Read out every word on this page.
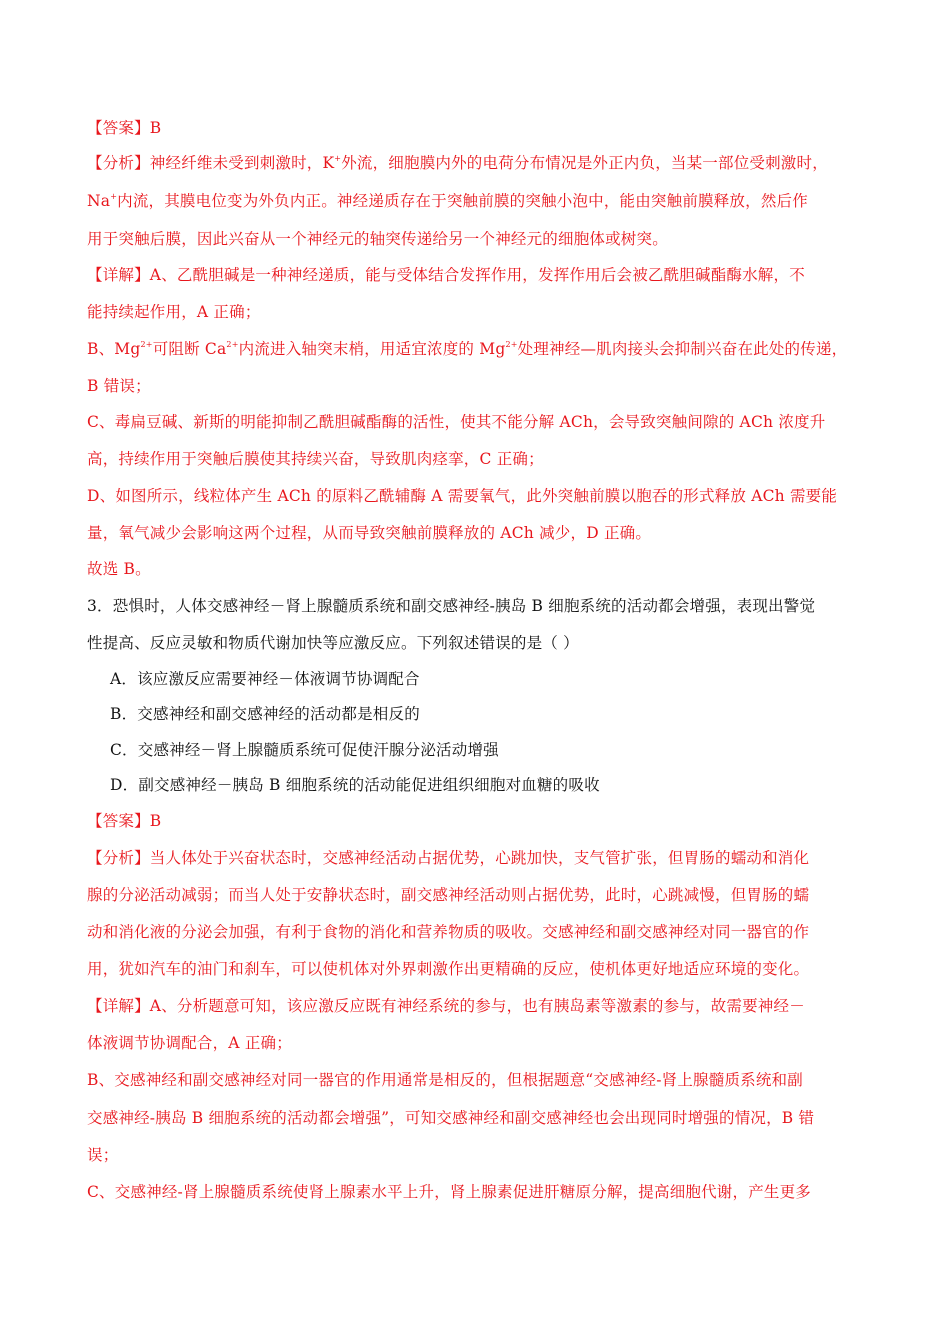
【答案】B
【分析】神经纤维未受到刺激时，K+外流，细胞膜内外的电荷分布情况是外正内负，当某一部位受刺激时，
Na+内流，其膜电位变为外负内正。神经递质存在于突触前膜的突触小泡中，能由突触前膜释放，然后作
用于突触后膜，因此兴奋从一个神经元的轴突传递给另一个神经元的细胞体或树突。
【详解】A、乙酰胆碱是一种神经递质，能与受体结合发挥作用，发挥作用后会被乙酰胆碱酯酶水解，不
能持续起作用，A 正确；
B、$Mg^{2+}$可阻断 $Ca^{2+}$内流进入轴突末梢，用适宜浓度的 $Mg^{2+}$处理神经—肌肉接头会抑制兴奋在此处的传递，
B 错误；
C、毒扁豆碱、新斯的明能抑制乙酰胆碱酯酶的活性，使其不能分解 ACh，会导致突触间隙的 ACh 浓度升
高，持续作用于突触后膜使其持续兴奋，导致肌肉痉挛，C 正确；
D、如图所示，线粒体产生 ACh 的原料乙酰辅酶 A 需要氧气，此外突触前膜以胞吞的形式释放 ACh 需要能
量，氧气减少会影响这两个过程，从而导致突触前膜释放的 ACh 减少，D 正确。
故选 B。
3．恐惧时，人体交感神经－肾上腺髓质系统和副交感神经-胰岛 B 细胞系统的活动都会增强，表现出警觉
性提高、反应灵敏和物质代谢加快等应激反应。下列叙述错误的是（ ）
A．该应激反应需要神经－体液调节协调配合
B．交感神经和副交感神经的活动都是相反的
C．交感神经－肾上腺髓质系统可促使汗腺分泌活动增强
D．副交感神经－胰岛 B 细胞系统的活动能促进组织细胞对血糖的吸收
【答案】B
【分析】当人体处于兴奋状态时，交感神经活动占据优势，心跳加快，支气管扩张，但胃肠的蠕动和消化
腺的分泌活动减弱；而当人处于安静状态时，副交感神经活动则占据优势，此时，心跳减慢，但胃肠的蠕
动和消化液的分泌会加强，有利于食物的消化和营养物质的吸收。交感神经和副交感神经对同一器官的作
用，犹如汽车的油门和刹车，可以使机体对外界刺激作出更精确的反应，使机体更好地适应环境的变化。
【详解】A、分析题意可知，该应激反应既有神经系统的参与，也有胰岛素等激素的参与，故需要神经－
体液调节协调配合，A 正确；
B、交感神经和副交感神经对同一器官的作用通常是相反的，但根据题意“交感神经-肾上腺髓质系统和副
交感神经-胰岛 B 细胞系统的活动都会增强”，可知交感神经和副交感神经也会出现同时增强的情况，B 错
误；
C、交感神经-肾上腺髓质系统使肾上腺素水平上升，肾上腺素促进肝糖原分解，提高细胞代谢，产生更多
